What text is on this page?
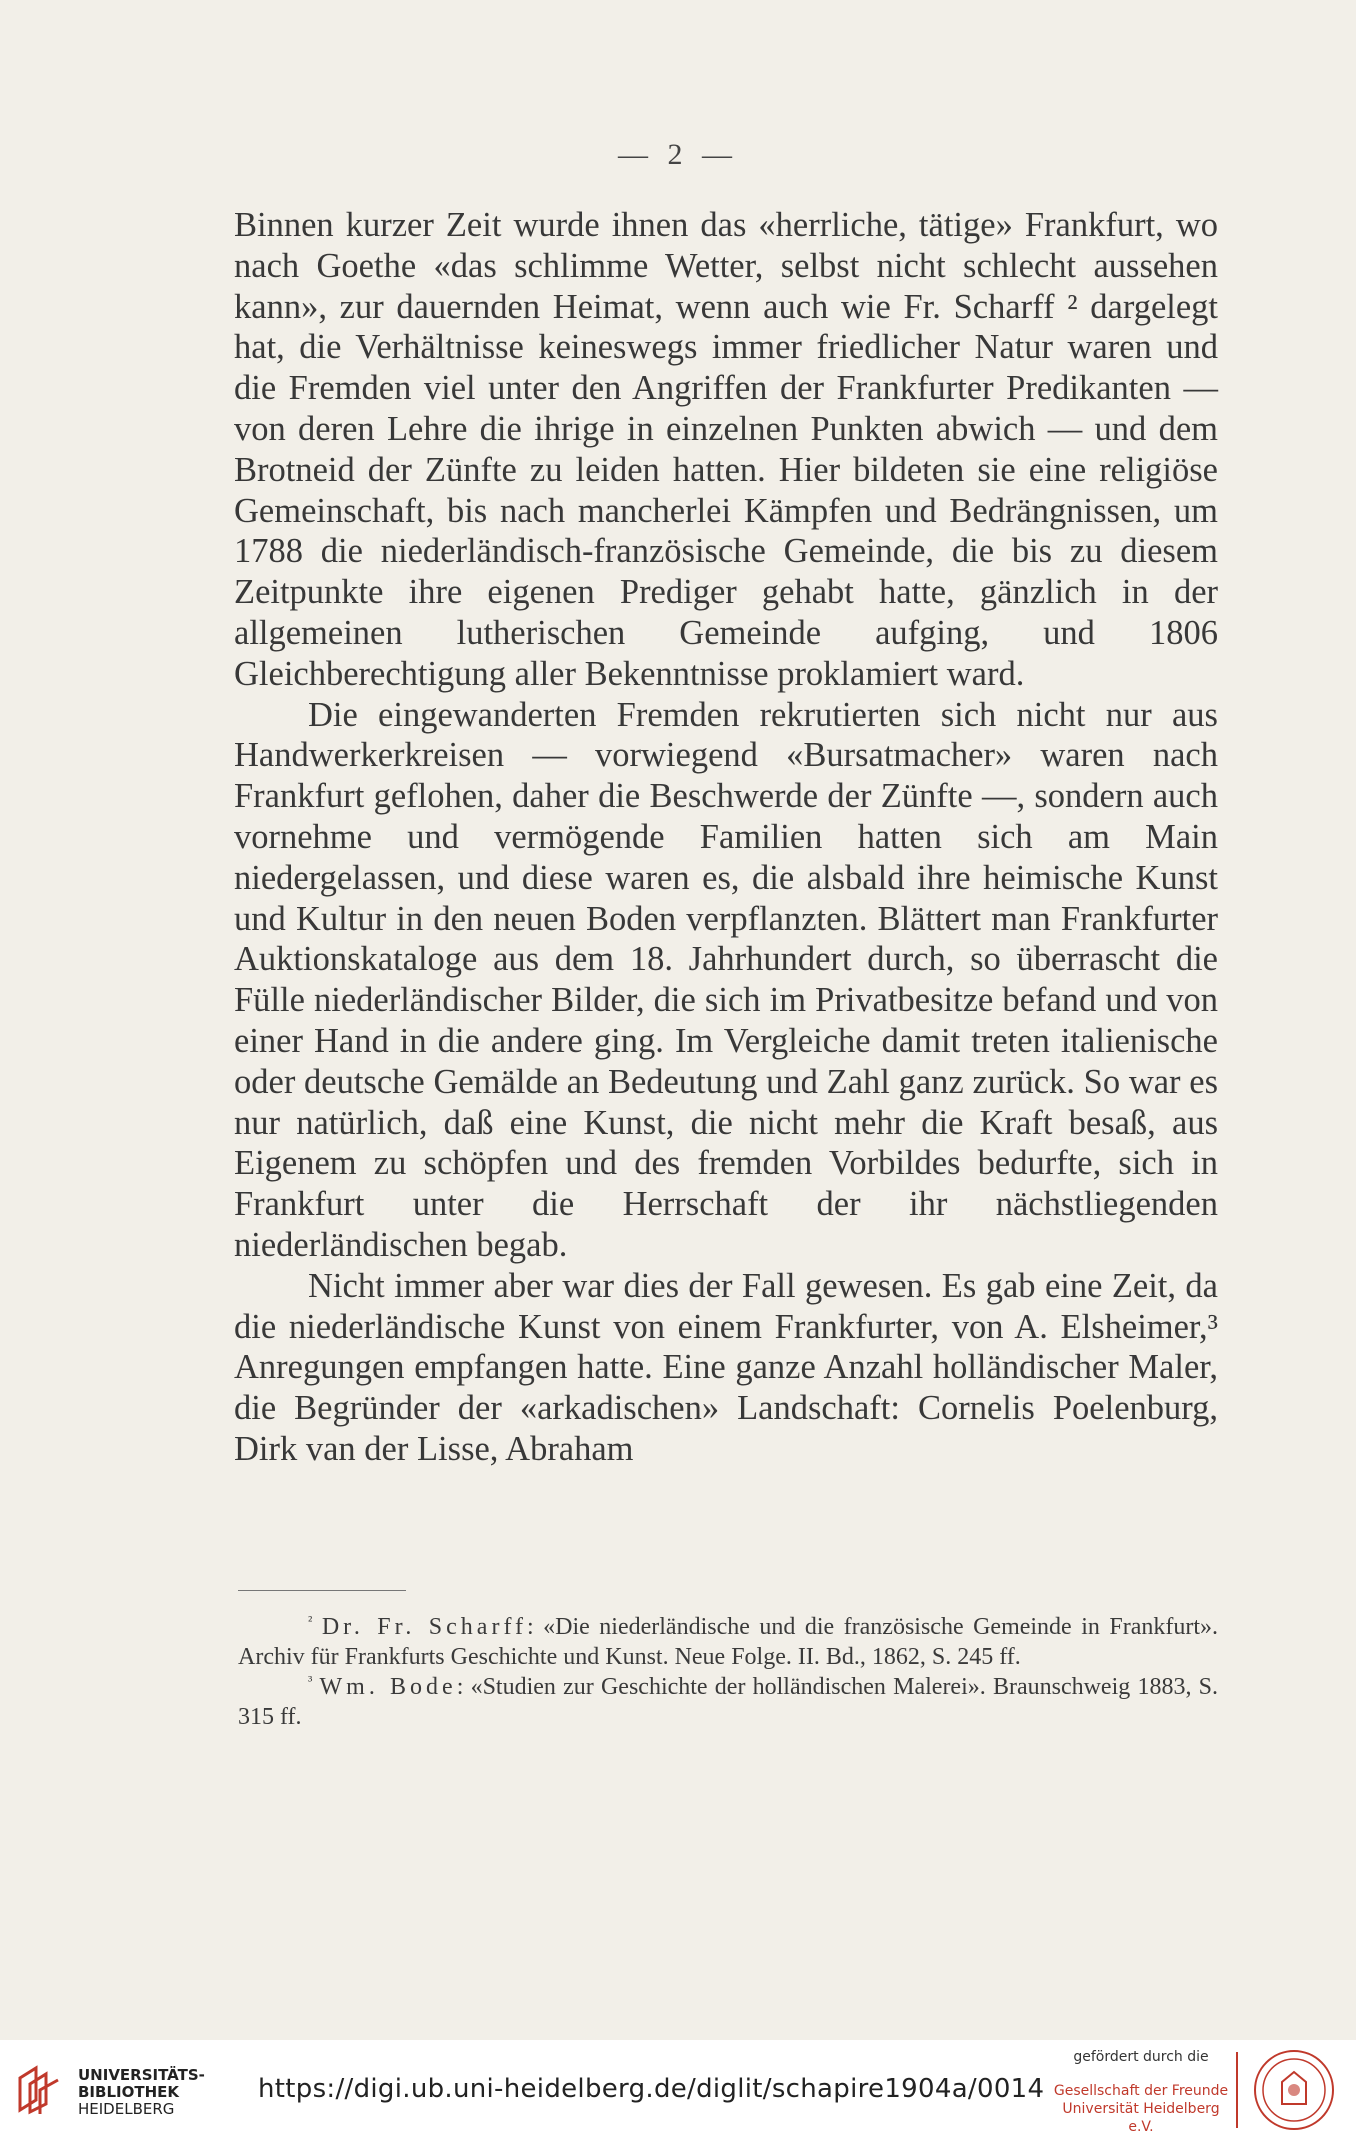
— 2 —

Binnen kurzer Zeit wurde ihnen das «herrliche, tätige» Frankfurt, wo nach Goethe «das schlimme Wetter, selbst nicht schlecht aussehen kann», zur dauernden Heimat, wenn auch wie Fr. Scharff ² dargelegt hat, die Verhältnisse keineswegs immer friedlicher Natur waren und die Fremden viel unter den Angriffen der Frankfurter Predikanten — von deren Lehre die ihrige in einzelnen Punkten abwich — und dem Brotneid der Zünfte zu leiden hatten. Hier bildeten sie eine religiöse Gemeinschaft, bis nach mancherlei Kämpfen und Bedrängnissen, um 1788 die niederländisch-französische Gemeinde, die bis zu diesem Zeitpunkte ihre eigenen Prediger gehabt hatte, gänzlich in der allgemeinen lutherischen Gemeinde aufging, und 1806 Gleichberechtigung aller Bekenntnisse proklamiert ward.

Die eingewanderten Fremden rekrutierten sich nicht nur aus Handwerkerkreisen — vorwiegend «Bursatmacher» waren nach Frankfurt geflohen, daher die Beschwerde der Zünfte —, sondern auch vornehme und vermögende Familien hatten sich am Main niedergelassen, und diese waren es, die alsbald ihre heimische Kunst und Kultur in den neuen Boden verpflanzten. Blättert man Frankfurter Auktionskataloge aus dem 18. Jahrhundert durch, so überrascht die Fülle niederländischer Bilder, die sich im Privatbesitze befand und von einer Hand in die andere ging. Im Vergleiche damit treten italienische oder deutsche Gemälde an Bedeutung und Zahl ganz zurück. So war es nur natürlich, daß eine Kunst, die nicht mehr die Kraft besaß, aus Eigenem zu schöpfen und des fremden Vorbildes bedurfte, sich in Frankfurt unter die Herrschaft der ihr nächstliegenden niederländischen begab.

Nicht immer aber war dies der Fall gewesen. Es gab eine Zeit, da die niederländische Kunst von einem Frankfurter, von A. Elsheimer,³ Anregungen empfangen hatte. Eine ganze Anzahl holländischer Maler, die Begründer der «arkadischen» Landschaft: Cornelis Poelenburg, Dirk van der Lisse, Abraham

$^{^2}$ Dr. Fr. Scharff: «Die niederländische und die französische Gemeinde in Frankfurt». Archiv für Frankfurts Geschichte und Kunst. Neue Folge. II. Bd., 1862, S. 245 ff.

$^{^3}$ Wm. Bode: «Studien zur Geschichte der holländischen Malerei». Braunschweig 1883, S. 315 ff.

UNIVERSITÄTS-
BIBLIOTHEK
HEIDELBERG
https://digi.ub.uni-heidelberg.de/diglit/schapire1904a/0014
gefördert durch die
Gesellschaft der Freunde
Universität Heidelberg e.V.
